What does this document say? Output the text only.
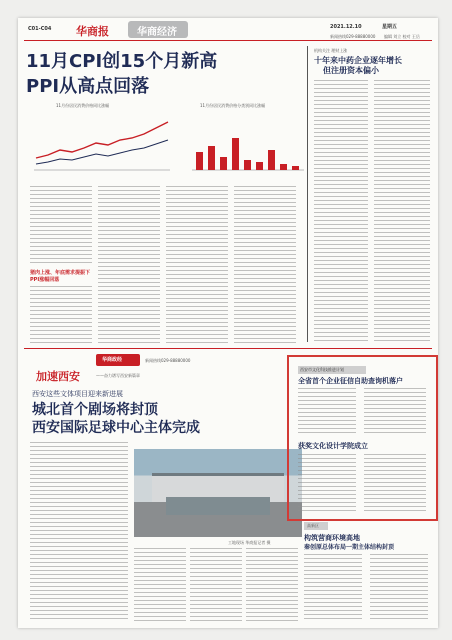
C01-C04 华商报	华商经济	2021.12.10	星期五
新闻热线029-88880000 编辑 刘立 校对 王岳
11月CPI创15个月新高
PPI从高点回落
11月份居民消费价格同比涨幅	11月份居民消费价格分类别同比涨幅
猪肉上涨、年底需求提振下
PPI涨幅回落
机构关注 理财上涨
十年来中药企业逐年增长
但注册资本偏小
华商政经	新闻热线029-88880000
加速西安	——奋力谱写西安新篇章
西安这些文体项目迎来新进展
城北首个剧场将封顶
西安国际足球中心主体完成
工地现场 华商报记者 摄
西安市文化科技推进计划
全省首个企业征信自助查询机落户
获奖文化设计学院成立
高新区
构筑营商环境高地
秦创原总体布局一期主体结构封顶
